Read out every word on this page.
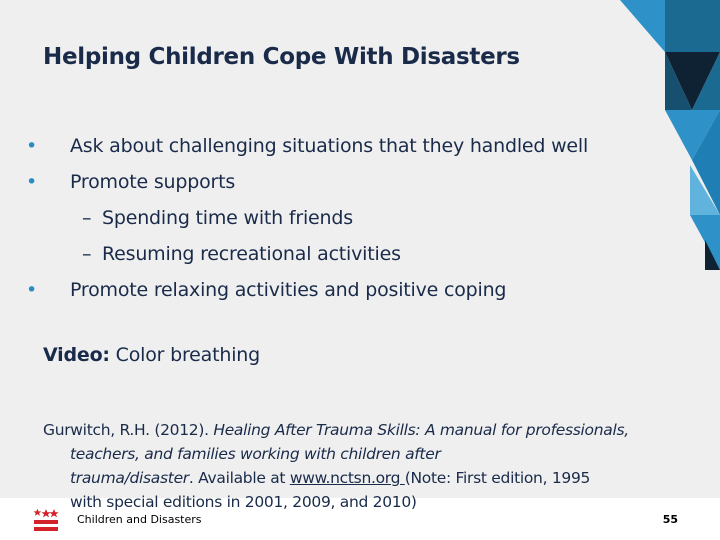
Helping Children Cope With Disasters
•	Ask about challenging situations that they handled well
•	Promote supports
– Spending time with friends
– Resuming recreational activities
•	Promote relaxing activities and positive coping
Video: Color breathing
Gurwitch, R.H. (2012). Healing After Trauma Skills: A manual for professionals,
teachers, and families working with children after
trauma/disaster. Available at www.nctsn.org (Note: First edition, 1995
with special editions in 2001, 2009, and 2010)
Children and Disasters	55
